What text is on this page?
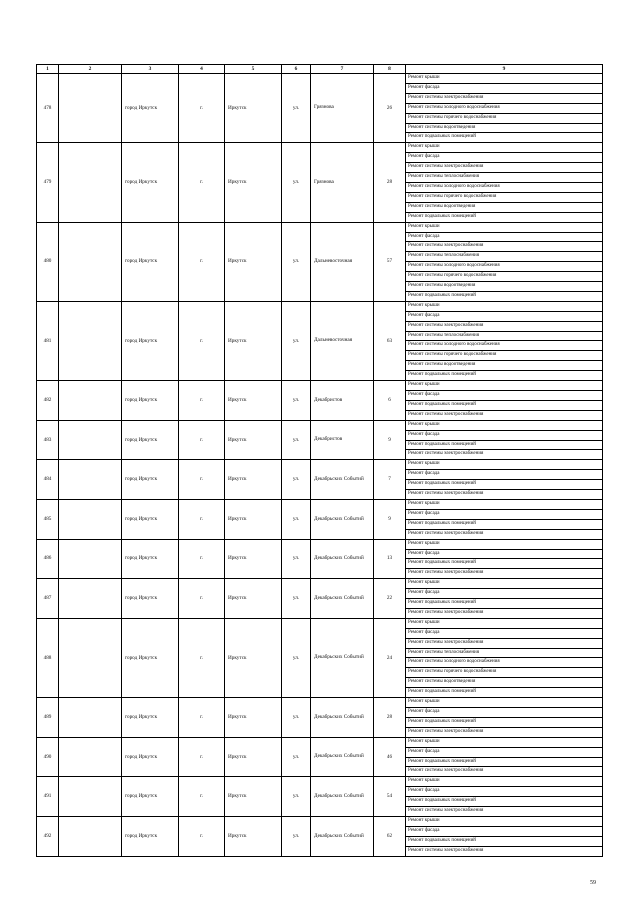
1	2	3	4	5	6	7	8	9
478		город Иркутск	г.	Иркутск	ул.	Грязнова	26	Ремонт крыши
								Ремонт фасада
								Ремонт системы электроснабжения
								Ремонт системы холодного водоснабжения
								Ремонт системы горячего водоснабжения
								Ремонт системы водоотведения
								Ремонт подвальных помещений
479		город Иркутск	г.	Иркутск	ул.	Грязнова	28	Ремонт крыши
								Ремонт фасада
								Ремонт системы электроснабжения
								Ремонт системы теплоснабжения
								Ремонт системы холодного водоснабжения
								Ремонт системы горячего водоснабжения
								Ремонт системы водоотведения
								Ремонт подвальных помещений
480		город Иркутск	г.	Иркутск	ул.	Дальневосточная	57	Ремонт крыши
								Ремонт фасада
								Ремонт системы электроснабжения
								Ремонт системы теплоснабжения
								Ремонт системы холодного водоснабжения
								Ремонт системы горячего водоснабжения
								Ремонт системы водоотведения
								Ремонт подвальных помещений
481		город Иркутск	г.	Иркутск	ул.	Дальневосточная	63	Ремонт крыши
								Ремонт фасада
								Ремонт системы электроснабжения
								Ремонт системы теплоснабжения
								Ремонт системы холодного водоснабжения
								Ремонт системы горячего водоснабжения
								Ремонт системы водоотведения
								Ремонт подвальных помещений
482		город Иркутск	г.	Иркутск	ул.	Декабристов	6	Ремонт крыши
								Ремонт фасада
								Ремонт подвальных помещений
								Ремонт системы электроснабжения
483		город Иркутск	г.	Иркутск	ул.	Декабристов	9	Ремонт крыши
								Ремонт фасада
								Ремонт подвальных помещений
								Ремонт системы электроснабжения
484		город Иркутск	г.	Иркутск	ул.	Декабрьских Событий	7	Ремонт крыши
								Ремонт фасада
								Ремонт подвальных помещений
								Ремонт системы электроснабжения
485		город Иркутск	г.	Иркутск	ул.	Декабрьских Событий	9	Ремонт крыши
								Ремонт фасада
								Ремонт подвальных помещений
								Ремонт системы электроснабжения
486		город Иркутск	г.	Иркутск	ул.	Декабрьских Событий	13	Ремонт крыши
								Ремонт фасада
								Ремонт подвальных помещений
								Ремонт системы электроснабжения
487		город Иркутск	г.	Иркутск	ул.	Декабрьских Событий	22	Ремонт крыши
								Ремонт фасада
								Ремонт подвальных помещений
								Ремонт системы электроснабжения
488		город Иркутск	г.	Иркутск	ул.	Декабрьских Событий	24	Ремонт крыши
								Ремонт фасада
								Ремонт системы электроснабжения
								Ремонт системы теплоснабжения
								Ремонт системы холодного водоснабжения
								Ремонт системы горячего водоснабжения
								Ремонт системы водоотведения
								Ремонт подвальных помещений
489		город Иркутск	г.	Иркутск	ул.	Декабрьских Событий	28	Ремонт крыши
								Ремонт фасада
								Ремонт подвальных помещений
								Ремонт системы электроснабжения
490		город Иркутск	г.	Иркутск	ул.	Декабрьских Событий	46	Ремонт крыши
								Ремонт фасада
								Ремонт подвальных помещений
								Ремонт системы электроснабжения
491		город Иркутск	г.	Иркутск	ул.	Декабрьских Событий	54	Ремонт крыши
								Ремонт фасада
								Ремонт подвальных помещений
								Ремонт системы электроснабжения
492		город Иркутск	г.	Иркутск	ул.	Декабрьских Событий	62	Ремонт крыши
								Ремонт фасада
								Ремонт подвальных помещений
								Ремонт системы электроснабжения
59
